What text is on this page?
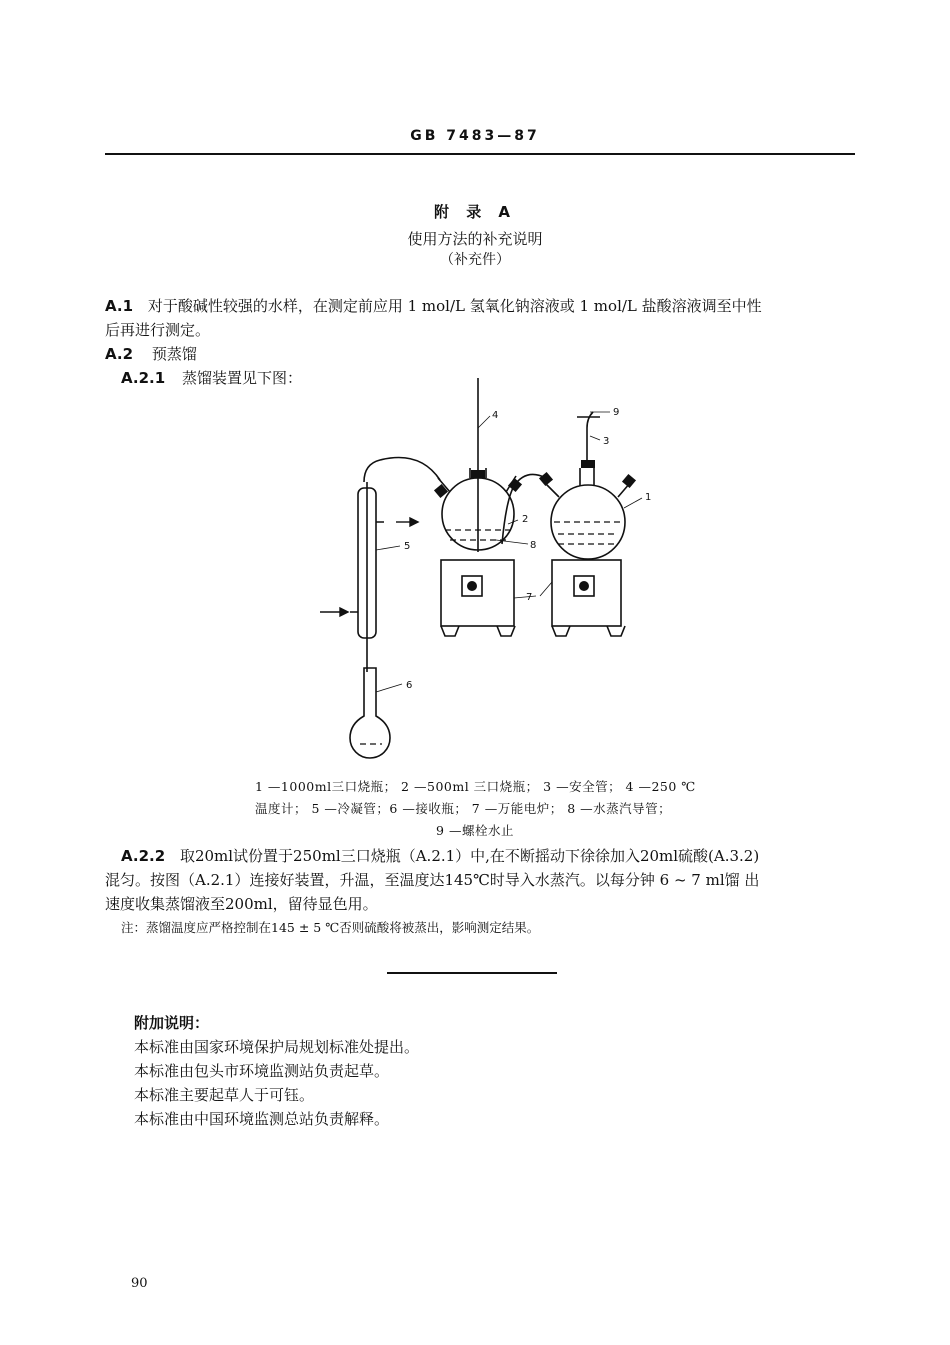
GB 7483—87
附 录 A
使用方法的补充说明
（补充件）
A.1 对于酸碱性较强的水样，在测定前应用 1 mol/L 氢氧化钠溶液或 1 mol/L 盐酸溶液调至中性
后再进行测定。
A.2 预蒸馏
A.2.1 蒸馏装置见下图：
1
2
3
4
5
6
7
8
9
1 —1000ml三口烧瓶； 2 —500ml 三口烧瓶； 3 —安全管； 4 —250 ℃
温度计； 5 —冷凝管；6 —接收瓶； 7 —万能电炉； 8 —水蒸汽导管；
9 —螺栓水止
A.2.2 取20ml试份置于250ml三口烧瓶（A.2.1）中,在不断摇动下徐徐加入20ml硫酸(A.3.2)
混匀。按图（A.2.1）连接好装置，升温，至温度达145℃时导入水蒸汽。以每分钟 6 ~ 7 ml馏 出
速度收集蒸馏液至200ml，留待显色用。
注：蒸馏温度应严格控制在145 ± 5 ℃否则硫酸将被蒸出，影响测定结果。
附加说明：
本标准由国家环境保护局规划标准处提出。
本标准由包头市环境监测站负责起草。
本标准主要起草人于可钰。
本标准由中国环境监测总站负责解释。
90
